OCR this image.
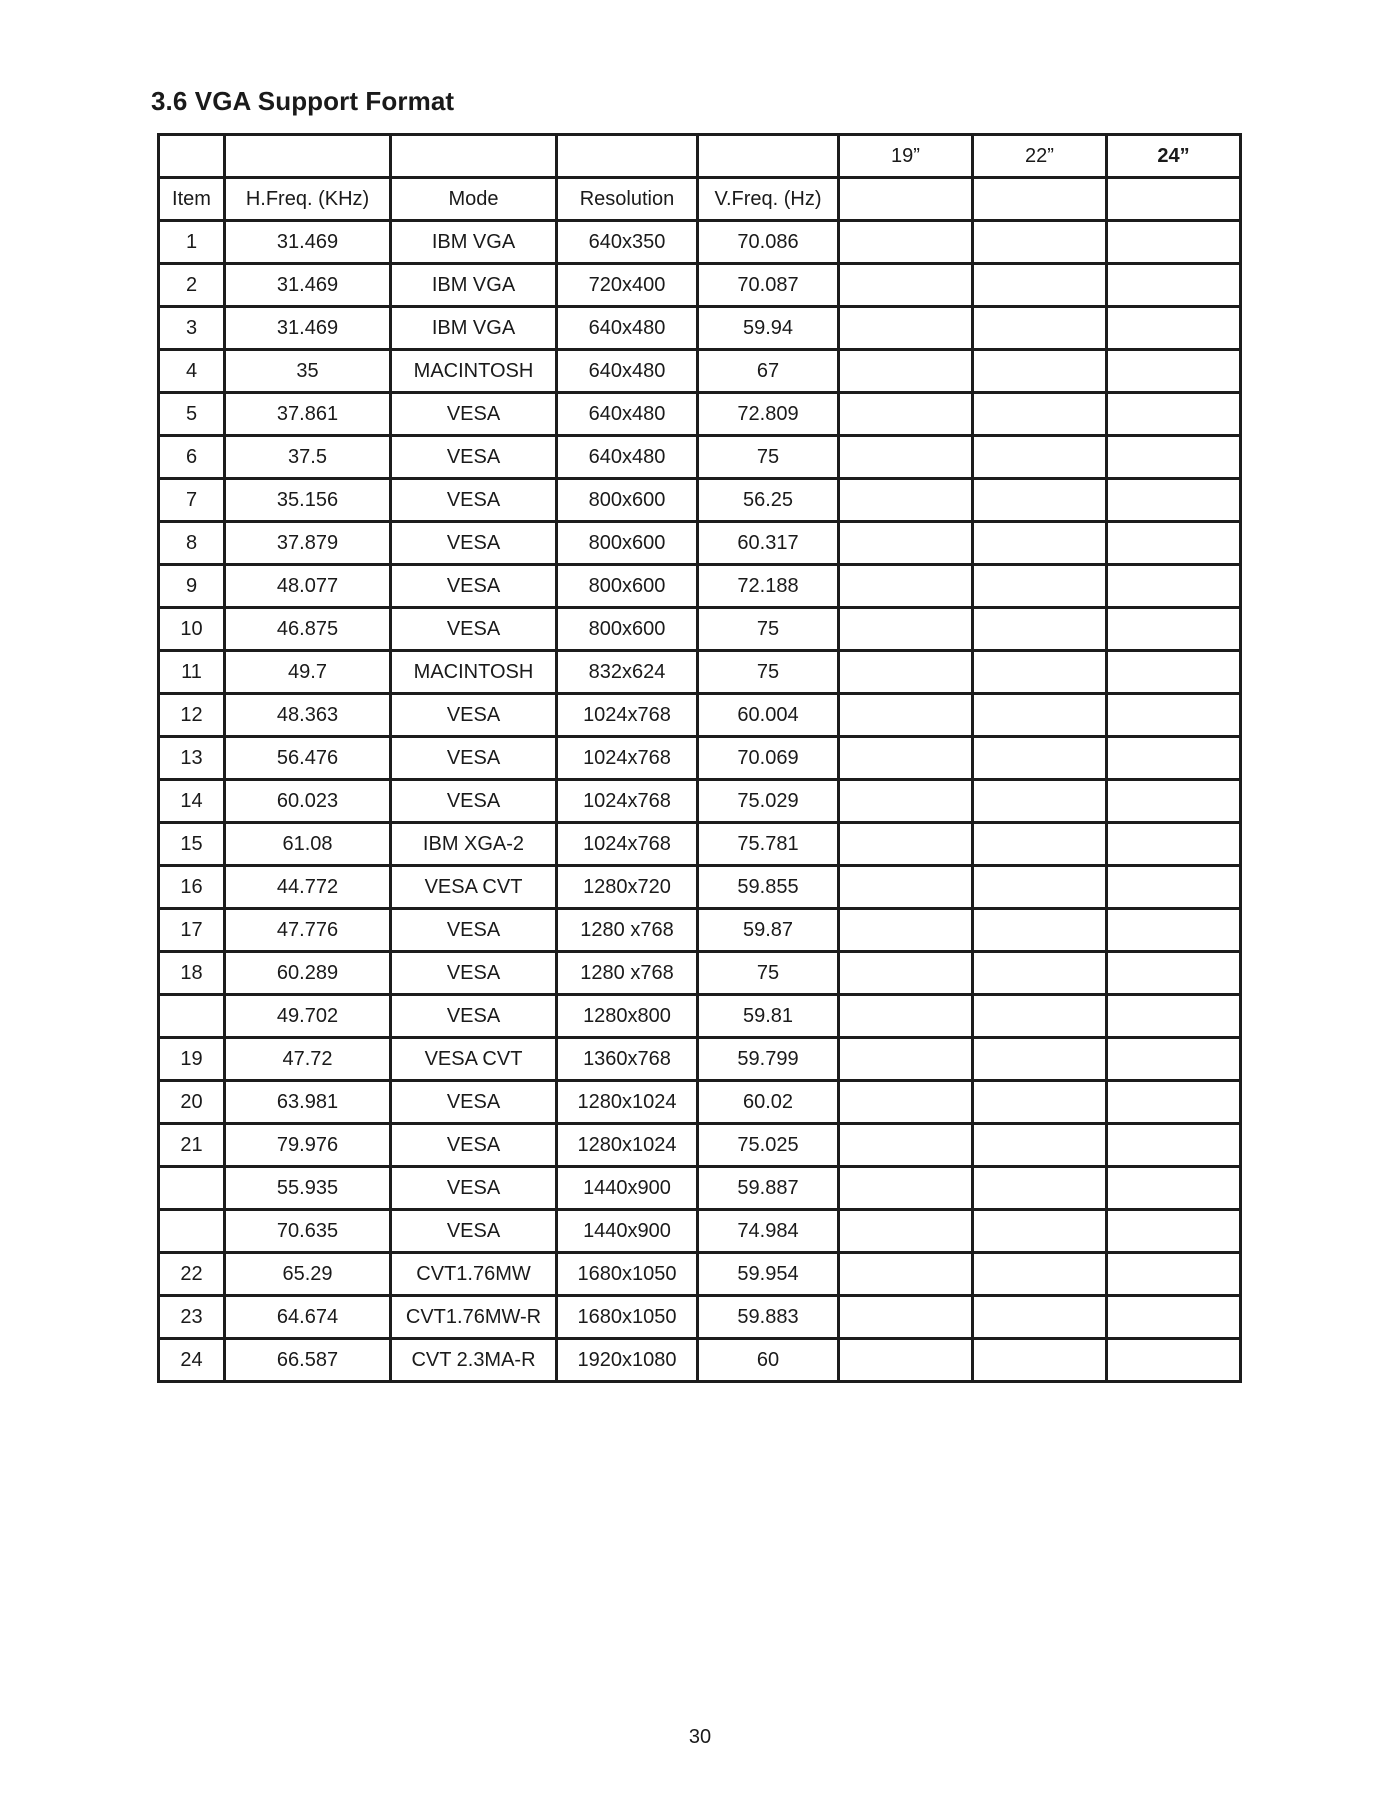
3.6 VGA Support Format
					19”	22”	24”
Item	H.Freq. (KHz)	Mode	Resolution	V.Freq. (Hz)			
1	31.469	IBM VGA	640x350	70.086			
2	31.469	IBM VGA	720x400	70.087			
3	31.469	IBM VGA	640x480	59.94			
4	35	MACINTOSH	640x480	67			
5	37.861	VESA	640x480	72.809			
6	37.5	VESA	640x480	75			
7	35.156	VESA	800x600	56.25			
8	37.879	VESA	800x600	60.317			
9	48.077	VESA	800x600	72.188			
10	46.875	VESA	800x600	75			
11	49.7	MACINTOSH	832x624	75			
12	48.363	VESA	1024x768	60.004			
13	56.476	VESA	1024x768	70.069			
14	60.023	VESA	1024x768	75.029			
15	61.08	IBM XGA-2	1024x768	75.781			
16	44.772	VESA CVT	1280x720	59.855			
17	47.776	VESA	1280 x768	59.87			
18	60.289	VESA	1280 x768	75			
	49.702	VESA	1280x800	59.81			
19	47.72	VESA CVT	1360x768	59.799			
20	63.981	VESA	1280x1024	60.02			
21	79.976	VESA	1280x1024	75.025			
	55.935	VESA	1440x900	59.887			
	70.635	VESA	1440x900	74.984			
22	65.29	CVT1.76MW	1680x1050	59.954			
23	64.674	CVT1.76MW-R	1680x1050	59.883			
24	66.587	CVT 2.3MA-R	1920x1080	60			
30
